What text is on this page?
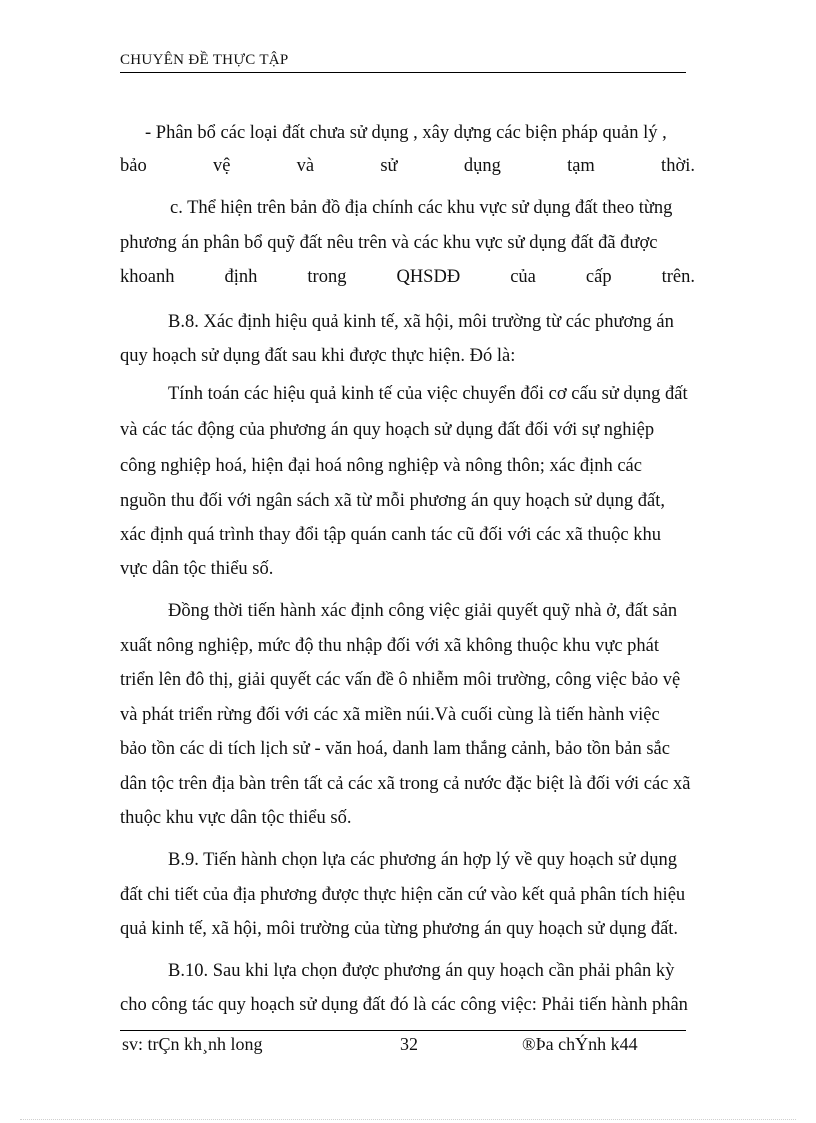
CHUYÊN ĐỀ THỰC TẬP
- Phân bổ các loại đất chưa sử dụng , xây dựng các biện pháp quản lý ,
bảo vệ và sử dụng tạm thời.
c. Thể hiện trên bản đồ địa chính các khu vực sử dụng đất theo từng
phương án phân bổ quỹ đất nêu trên và các khu vực sử dụng đất đã được
khoanh định trong QHSDĐ của cấp trên.
B.8. Xác định hiệu quả kinh tế, xã hội, môi trường từ các phương án
quy hoạch sử dụng đất sau khi được thực hiện. Đó là:
Tính toán các hiệu quả kinh tế của việc chuyển đổi cơ cấu sử dụng đất
và các tác động của phương án quy hoạch sử dụng đất đối với sự nghiệp
công nghiệp hoá, hiện đại hoá nông nghiệp và nông thôn; xác định các
nguồn thu đối với ngân sách xã từ mỗi phương án quy hoạch sử dụng đất,
xác định quá trình thay đổi tập quán canh tác cũ đối với các xã thuộc khu
vực dân tộc thiểu số.
Đồng thời tiến hành xác định công việc giải quyết quỹ nhà ở, đất sản
xuất nông nghiệp, mức độ thu nhập đối với xã không thuộc khu vực phát
triển lên đô thị, giải quyết các vấn đề ô nhiễm môi trường, công việc bảo vệ
và phát triển rừng đối với các xã miền núi.Và cuối cùng là tiến hành việc
bảo tồn các di tích lịch sử - văn hoá, danh lam thắng cảnh, bảo tồn bản sắc
dân tộc trên địa bàn trên tất cả các xã trong cả nước đặc biệt là đối với các xã
thuộc khu vực dân tộc thiểu số.
B.9. Tiến hành chọn lựa các phương án hợp lý về quy hoạch sử dụng
đất chi tiết của địa phương được thực hiện căn cứ vào kết quả phân tích hiệu
quả kinh tế, xã hội, môi trường của từng phương án quy hoạch sử dụng đất.
B.10. Sau khi lựa chọn được phương án quy hoạch cần phải phân kỳ
cho công tác quy hoạch sử dụng đất đó là các công việc: Phải tiến hành phân
sv: trÇn kh¸nh long	32	®Þa chÝnh k44
